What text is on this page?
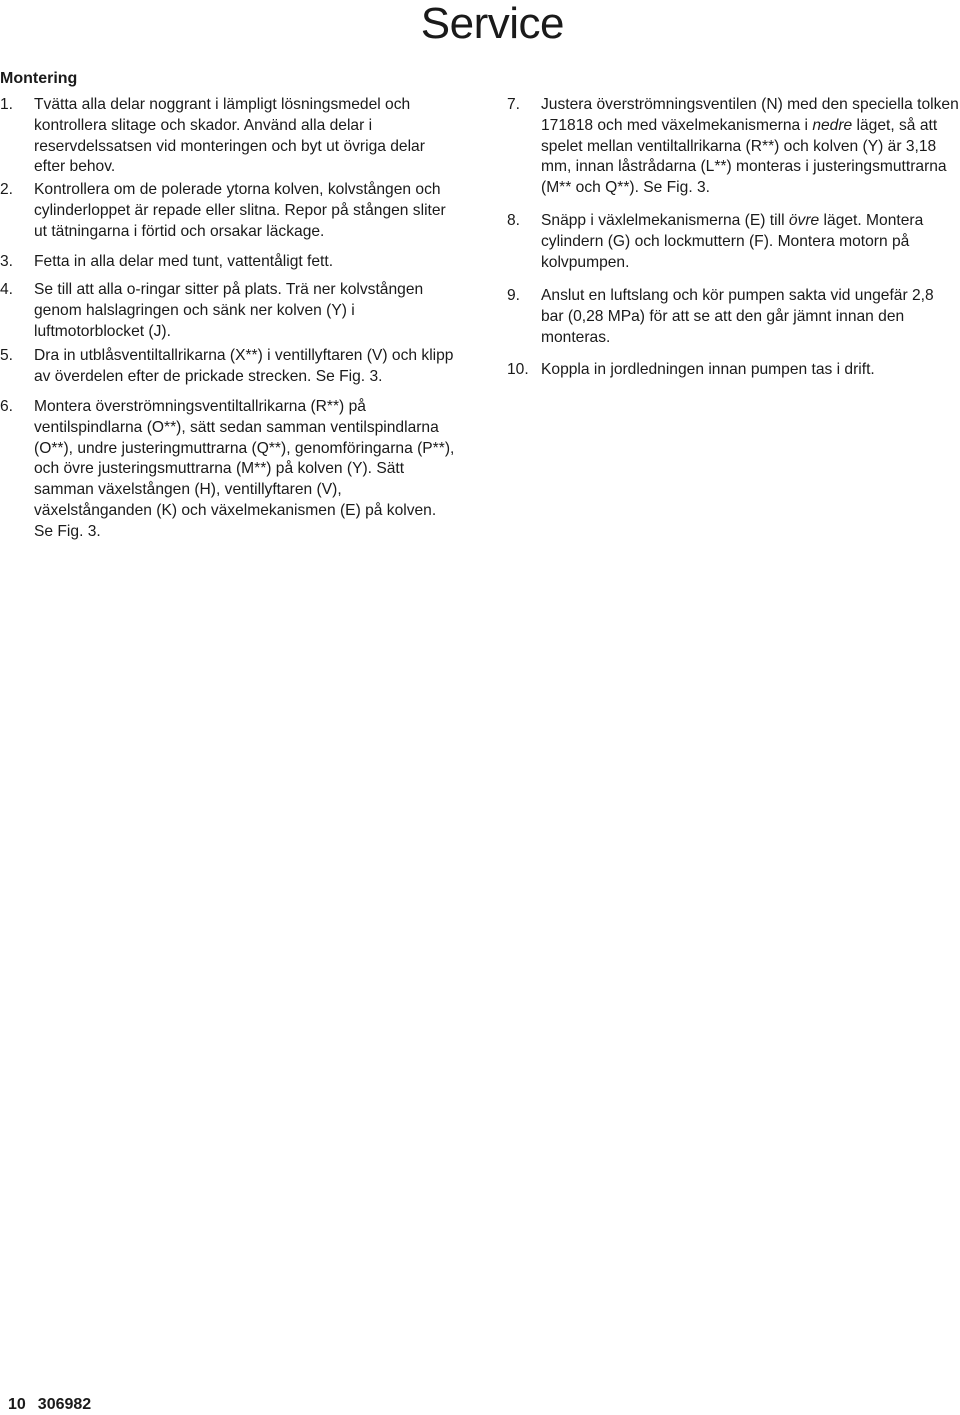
Service
Montering
1.	Tvätta alla delar noggrant i lämpligt lösningsmedel och kontrollera slitage och skador. Använd alla delar i reservdelssatsen vid monteringen och byt ut övriga delar efter behov.
2.	Kontrollera om de polerade ytorna kolven, kolvstången och cylinderloppet är repade eller slitna. Repor på stången sliter ut tätningarna i förtid och orsakar läckage.
3.	Fetta in alla delar med tunt, vattentåligt fett.
4.	Se till att alla o-ringar sitter på plats. Trä ner kolvstången genom halslagringen och sänk ner kolven (Y) i luftmotorblocket (J).
5.	Dra in utblåsventiltallrikarna (X**) i ventillyftaren (V) och klipp av överdelen efter de prickade strecken. Se Fig. 3.
6.	Montera överströmningsventiltallrikarna (R**) på ventilspindlarna (O**), sätt sedan samman ventilspindlarna (O**), undre justeringmuttrarna (Q**), genomföringarna (P**), och övre justeringsmuttrarna (M**) på kolven (Y). Sätt samman växelstången (H), ventillyftaren (V), växelstånganden (K) och växelmekanismen (E) på kolven. Se Fig. 3.
7.	Justera överströmningsventilen (N) med den speciella tolken 171818 och med växelmekanismerna i nedre läget, så att spelet mellan ventiltallrikarna (R**) och kolven (Y) är 3,18 mm, innan låstrådarna (L**) monteras i justeringsmuttrarna (M** och Q**). Se Fig. 3.
8.	Snäpp i växlelmekanismerna (E) till övre läget. Montera cylindern (G) och lockmuttern (F). Montera motorn på kolvpumpen.
9.	Anslut en luftslang och kör pumpen sakta vid ungefär 2,8 bar (0,28 MPa) för att se att den går jämnt innan den monteras.
10. Koppla in jordledningen innan pumpen tas i drift.
10 306982
